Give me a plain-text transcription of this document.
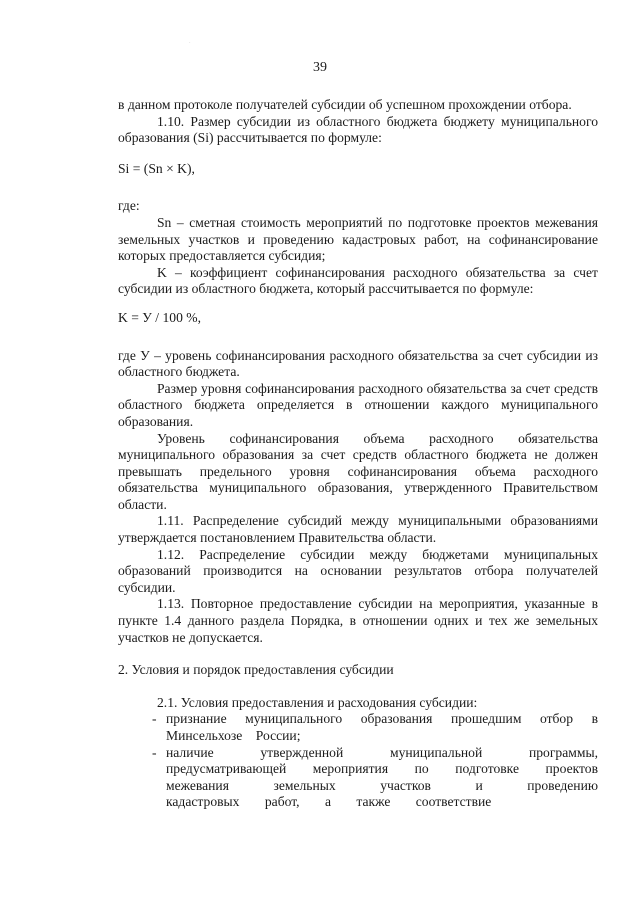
·
39

в данном протоколе получателей субсидии об успешном прохождении отбора.

1.10. Размер субсидии из областного бюджета бюджету муниципального образования (Si) рассчитывается по формуле:

Si = (Sn × K),

где:

Sn – сметная стоимость мероприятий по подготовке проектов межевания земельных участков и проведению кадастровых работ, на софинансирование которых предоставляется субсидия;

K – коэффициент софинансирования расходного обязательства за счет субсидии из областного бюджета, который рассчитывается по формуле:

K = У / 100 %,

где У – уровень софинансирования расходного обязательства за счет субсидии из областного бюджета.

Размер уровня софинансирования расходного обязательства за счет средств областного бюджета определяется в отношении каждого муниципального образования.

Уровень софинансирования объема расходного обязательства муниципального образования за счет средств областного бюджета не должен превышать предельного уровня софинансирования объема расходного обязательства муниципального образования, утвержденного Правительством области.

1.11. Распределение субсидий между муниципальными образованиями утверждается постановлением Правительства области.

1.12. Распределение субсидии между бюджетами муниципальных образований производится на основании результатов отбора получателей субсидии.

1.13. Повторное предоставление субсидии на мероприятия, указанные в пункте 1.4 данного раздела Порядка, в отношении одних и тех же земельных участков не допускается.

2. Условия и порядок предоставления субсидии

2.1. Условия предоставления и расходования субсидии:

- признание муниципального образования прошедшим отбор в Минсельхозе России;

- наличие утвержденной муниципальной программы, предусматривающей мероприятия по подготовке проектов межевания земельных участков и проведению кадастровых работ, а также соответствие
